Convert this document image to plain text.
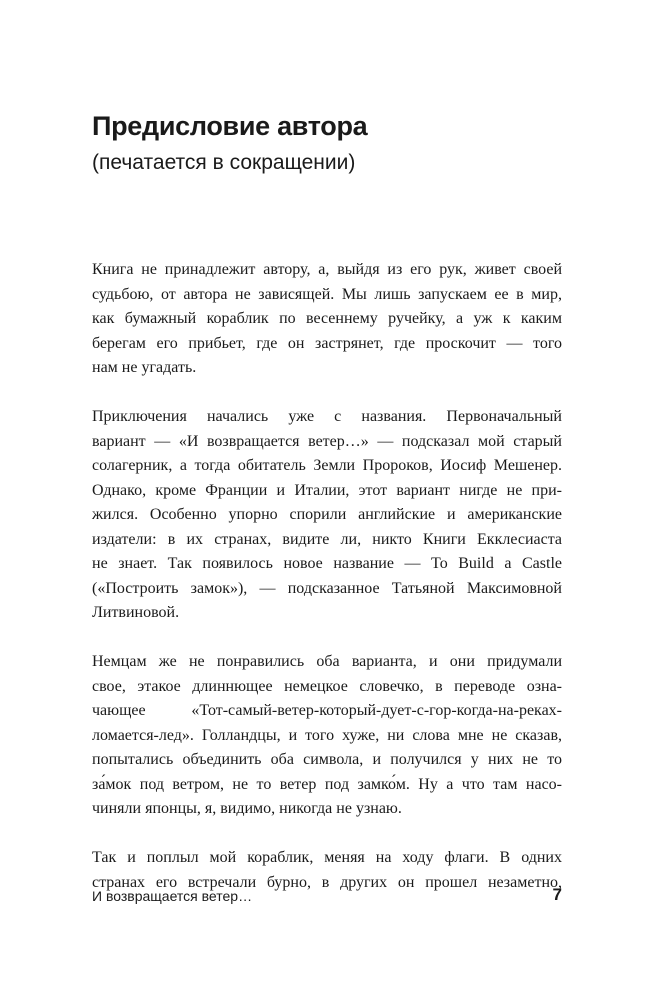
Предисловие автора
(печатается в сокращении)

Книга не принадлежит автору, а, выйдя из его рук, живет своей
судьбою, от автора не зависящей. Мы лишь запускаем ее в мир,
как бумажный кораблик по весеннему ручейку, а уж к каким
берегам его прибьет, где он застрянет, где проскочит — того
нам не угадать.

Приключения начались уже с названия. Первоначальный
вариант — «И возвращается ветер…» — подсказал мой старый
солагерник, а тогда обитатель Земли Пророков, Иосиф Мешенер.
Однако, кроме Франции и Италии, этот вариант нигде не при-
жился. Особенно упорно спорили английские и американские
издатели: в их странах, видите ли, никто Книги Екклесиаста
не знает. Так появилось новое название — To Build a Castle
(«Построить замок»), — подсказанное Татьяной Максимовной
Литвиновой.

Немцам же не понравились оба варианта, и они придумали
свое, этакое длиннющее немецкое словечко, в переводе озна-
чающее «Тот-самый-ветер-который-дует-с-гор-когда-на-реках-
ломается-лед». Голландцы, и того хуже, ни слова мне не сказав,
попытались объединить оба символа, и получился у них не то
за́мок под ветром, не то ветер под замко́м. Ну а что там насо-
чиняли японцы, я, видимо, никогда не узнаю.

Так и поплыл мой кораблик, меняя на ходу флаги. В одних
странах его встречали бурно, в других он прошел незаметно,

И возвращается ветер…	7
